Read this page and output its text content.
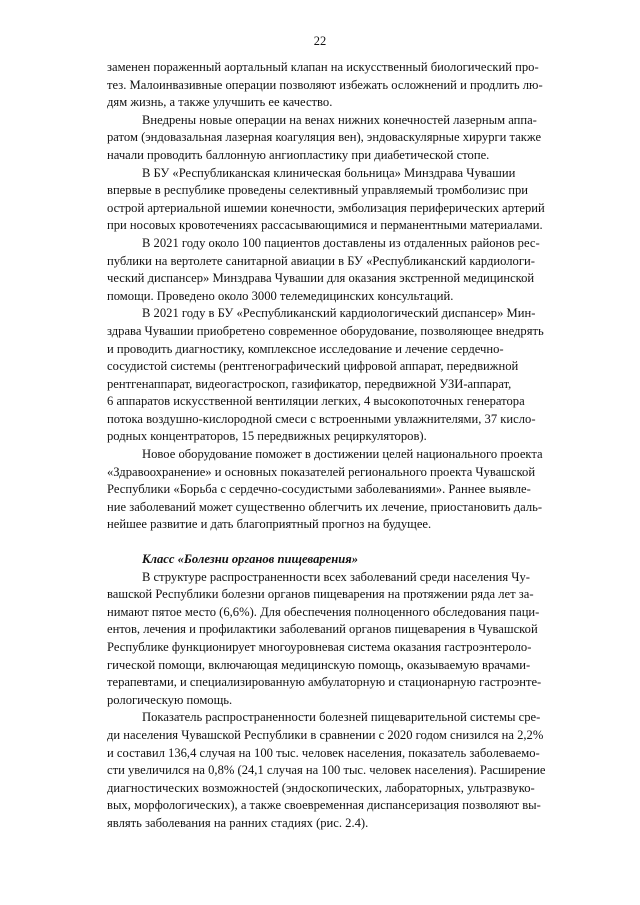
22
заменен пораженный аортальный клапан на искусственный биологический про-
тез. Малоинвазивные операции позволяют избежать осложнений и продлить лю-
дям жизнь, а также улучшить ее качество.
Внедрены новые операции на венах нижних конечностей лазерным аппа-
ратом (эндовазальная лазерная коагуляция вен), эндоваскулярные хирурги также
начали проводить баллонную ангиопластику при диабетической стопе.
В БУ «Республиканская клиническая больница» Минздрава Чувашии
впервые в республике проведены селективный управляемый тромболизис при
острой артериальной ишемии конечности, эмболизация периферических артерий
при носовых кровотечениях рассасывающимися и перманентными материалами.
В 2021 году около 100 пациентов доставлены из отдаленных районов рес-
публики на вертолете санитарной авиации в БУ «Республиканский кардиологи-
ческий диспансер» Минздрава Чувашии для оказания экстренной медицинской
помощи. Проведено около 3000 телемедицинских консультаций.
В 2021 году в БУ «Республиканский кардиологический диспансер» Мин-
здрава Чувашии приобретено современное оборудование, позволяющее внедрять
и проводить диагностику, комплексное исследование и лечение сердечно-
сосудистой системы (рентгенографический цифровой аппарат, передвижной
рентгенаппарат, видеогастроскоп, газификатор, передвижной УЗИ-аппарат,
6 аппаратов искусственной вентиляции легких, 4 высокопоточных генератора
потока воздушно-кислородной смеси с встроенными увлажнителями, 37 кисло-
родных концентраторов, 15 передвижных рециркуляторов).
Новое оборудование поможет в достижении целей национального проекта
«Здравоохранение» и основных показателей регионального проекта Чувашской
Республики «Борьба с сердечно-сосудистыми заболеваниями». Раннее выявле-
ние заболеваний может существенно облегчить их лечение, приостановить даль-
нейшее развитие и дать благоприятный прогноз на будущее.
Класс «Болезни органов пищеварения»
В структуре распространенности всех заболеваний среди населения Чу-
вашской Республики болезни органов пищеварения на протяжении ряда лет за-
нимают пятое место (6,6%). Для обеспечения полноценного обследования паци-
ентов, лечения и профилактики заболеваний органов пищеварения в Чувашской
Республике функционирует многоуровневая система оказания гастроэнтероло-
гической помощи, включающая медицинскую помощь, оказываемую врачами-
терапевтами, и специализированную амбулаторную и стационарную гастроэнте-
рологическую помощь.
Показатель распространенности болезней пищеварительной системы сре-
ди населения Чувашской Республики в сравнении с 2020 годом снизился на 2,2%
и составил 136,4 случая на 100 тыс. человек населения, показатель заболеваемо-
сти увеличился на 0,8% (24,1 случая на 100 тыс. человек населения). Расширение
диагностических возможностей (эндоскопических, лабораторных, ультразвуко-
вых, морфологических), а также своевременная диспансеризация позволяют вы-
являть заболевания на ранних стадиях (рис. 2.4).
